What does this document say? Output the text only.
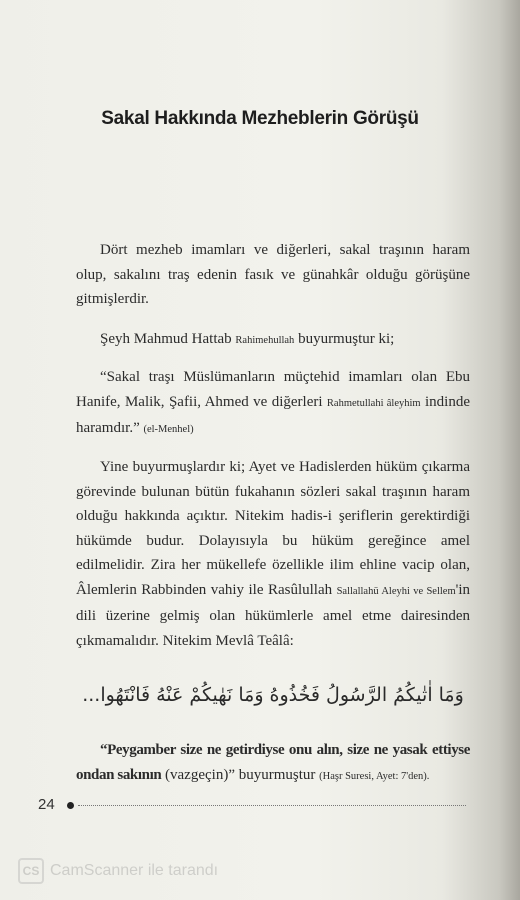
Sakal Hakkında Mezheblerin Görüşü
Dört mezheb imamları ve diğerleri, sakal traşının haram olup, sakalını traş edenin fasık ve günahkâr olduğu görüşüne gitmişlerdir.
Şeyh Mahmud Hattab Rahimehullah buyurmuştur ki;
“Sakal traşı Müslümanların müçtehid imamları olan Ebu Hanife, Malik, Şafii, Ahmed ve diğerleri Rahmetullahi âleyhim indinde haramdır.” (el-Menhel)
Yine buyurmuşlardır ki; Ayet ve Hadislerden hüküm çıkarma görevinde bulunan bütün fukahanın sözleri sakal traşının haram olduğu hakkında açıktır. Nitekim hadis-i şeriflerin gerektirdiği hükümde budur. Dolayısıyla bu hüküm gereğince amel edilmelidir. Zira her mükellefe özellikle ilim ehline vacip olan, Âlemlerin Rabbinden vahiy ile Rasûlullah Sallallahü Aleyhi ve Sellem'in dili üzerine gelmiş olan hükümlerle amel etme dairesinden çıkmamalıdır. Nitekim Mevlâ Teâlâ:
وَمَا اٰتٰيكُمُ الرَّسُولُ فَخُذُوهُ وَمَا نَهٰيكُمْ عَنْهُ فَانْتَهُوا...
“Peygamber size ne getirdiyse onu alın, size ne yasak ettiyse ondan sakının (vazgeçin)” buyurmuştur (Haşr Suresi, Ayet: 7'den).
24
CS CamScanner ile tarandı
